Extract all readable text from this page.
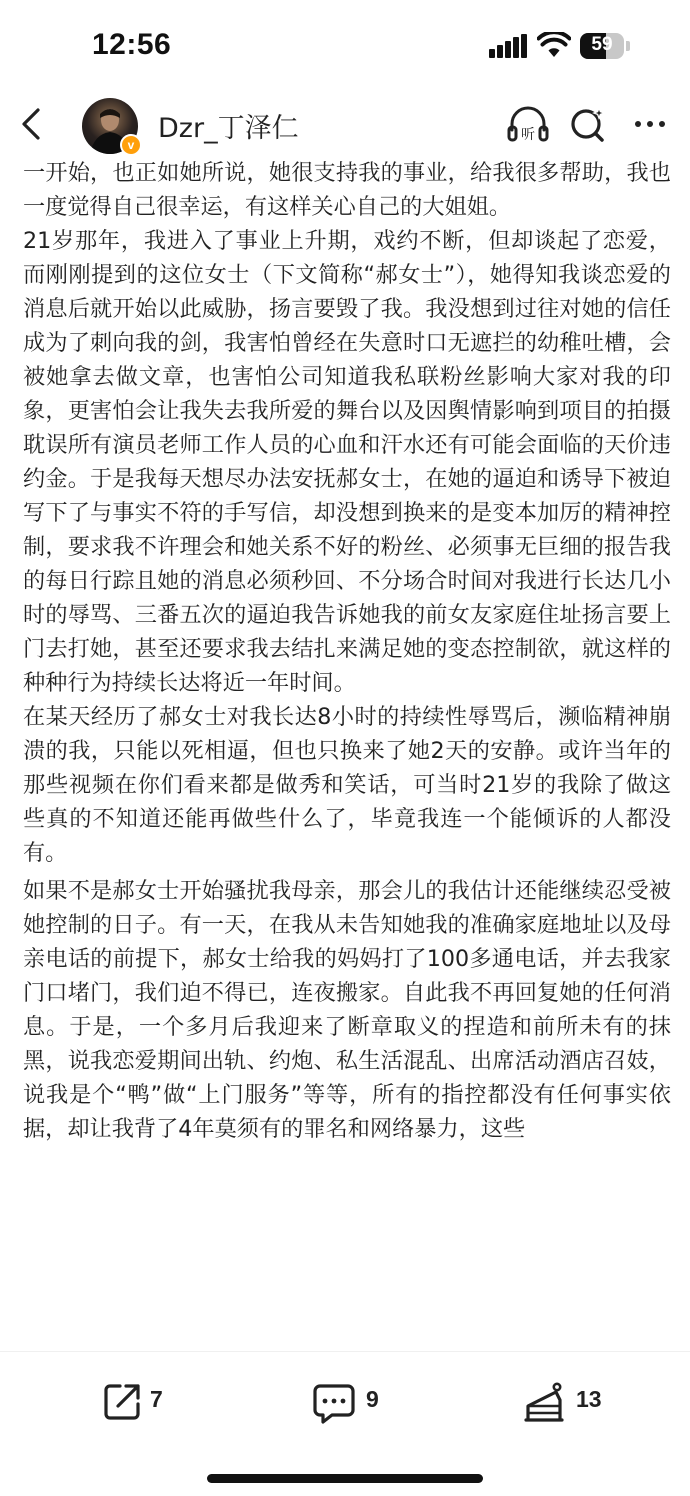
12:56	59
v
Dzr_丁泽仁	听

一开始，也正如她所说，她很支持我的事业，给我很多帮助，我也一度觉得自己很幸运，有这样关心自己的大姐姐。

21岁那年，我进入了事业上升期，戏约不断，但却谈起了恋爱，而刚刚提到的这位女士（下文简称“郝女士”），她得知我谈恋爱的消息后就开始以此威胁，扬言要毁了我。我没想到过往对她的信任成为了刺向我的剑，我害怕曾经在失意时口无遮拦的幼稚吐槽，会被她拿去做文章，也害怕公司知道我私联粉丝影响大家对我的印象，更害怕会让我失去我所爱的舞台以及因舆情影响到项目的拍摄耽误所有演员老师工作人员的心血和汗水还有可能会面临的天价违约金。于是我每天想尽办法安抚郝女士，在她的逼迫和诱导下被迫写下了与事实不符的手写信，却没想到换来的是变本加厉的精神控制，要求我不许理会和她关系不好的粉丝、必须事无巨细的报告我的每日行踪且她的消息必须秒回、不分场合时间对我进行长达几小时的辱骂、三番五次的逼迫我告诉她我的前女友家庭住址扬言要上门去打她，甚至还要求我去结扎来满足她的变态控制欲，就这样的种种行为持续长达将近一年时间。

在某天经历了郝女士对我长达8小时的持续性辱骂后，濒临精神崩溃的我，只能以死相逼，但也只换来了她2天的安静。或许当年的那些视频在你们看来都是做秀和笑话，可当时21岁的我除了做这些真的不知道还能再做些什么了，毕竟我连一个能倾诉的人都没有。

如果不是郝女士开始骚扰我母亲，那会儿的我估计还能继续忍受被她控制的日子。有一天，在我从未告知她我的准确家庭地址以及母亲电话的前提下，郝女士给我的妈妈打了100多通电话，并去我家门口堵门，我们迫不得已，连夜搬家。自此我不再回复她的任何消息。于是，一个多月后我迎来了断章取义的捏造和前所未有的抹黑，说我恋爱期间出轨、约炮、私生活混乱、出席活动酒店召妓，说我是个“鸭”做“上门服务”等等，所有的指控都没有任何事实依据，却让我背了4年莫须有的罪名和网络暴力，这些

7	9	13
